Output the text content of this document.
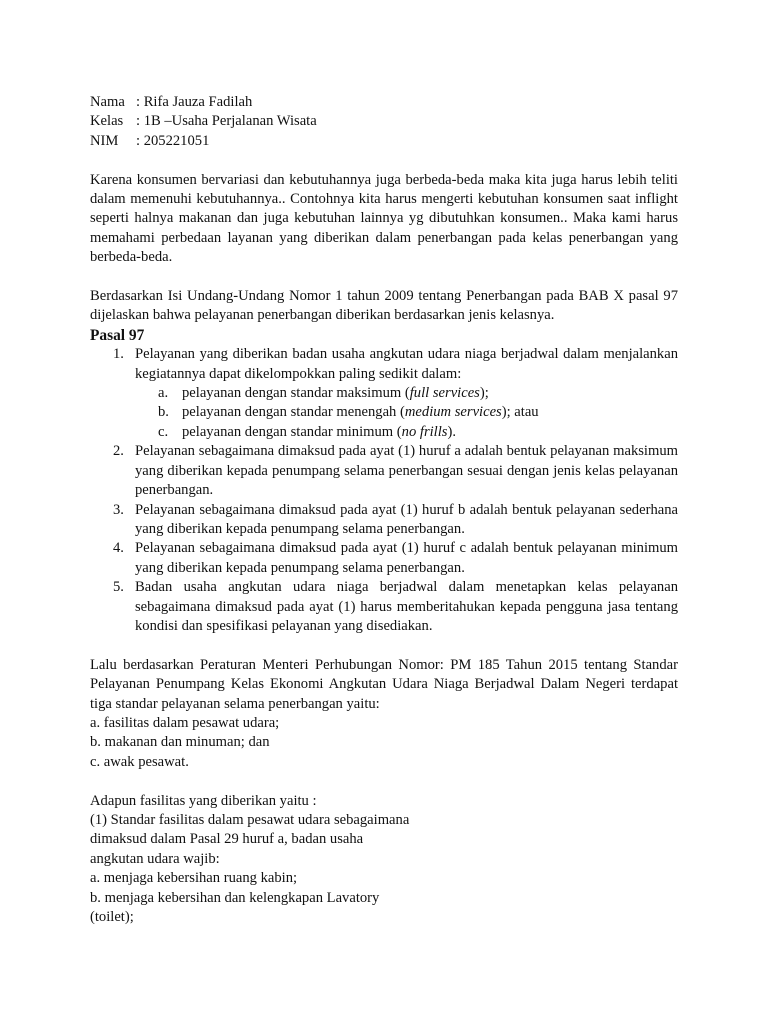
Nama : Rifa Jauza Fadilah
Kelas : 1B –Usaha Perjalanan Wisata
NIM	: 205221051

Karena konsumen bervariasi dan kebutuhannya juga berbeda-beda maka kita juga harus lebih teliti dalam memenuhi kebutuhannya.. Contohnya kita harus mengerti kebutuhan konsumen saat inflight seperti halnya makanan dan juga kebutuhan lainnya yg dibutuhkan konsumen.. Maka kami harus memahami perbedaan layanan yang diberikan dalam penerbangan pada kelas penerbangan yang berbeda-beda.

Berdasarkan Isi Undang-Undang Nomor 1 tahun 2009 tentang Penerbangan pada BAB X pasal 97 dijelaskan bahwa pelayanan penerbangan diberikan berdasarkan jenis kelasnya.

Pasal 97
1. Pelayanan yang diberikan badan usaha angkutan udara niaga berjadwal dalam menjalankan kegiatannya dapat dikelompokkan paling sedikit dalam:
a. pelayanan dengan standar maksimum (full services);
b. pelayanan dengan standar menengah (medium services); atau
c. pelayanan dengan standar minimum (no frills).
2. Pelayanan sebagaimana dimaksud pada ayat (1) huruf a adalah bentuk pelayanan maksimum yang diberikan kepada penumpang selama penerbangan sesuai dengan jenis kelas pelayanan penerbangan.
3. Pelayanan sebagaimana dimaksud pada ayat (1) huruf b adalah bentuk pelayanan sederhana yang diberikan kepada penumpang selama penerbangan.
4. Pelayanan sebagaimana dimaksud pada ayat (1) huruf c adalah bentuk pelayanan minimum yang diberikan kepada penumpang selama penerbangan.
5. Badan usaha angkutan udara niaga berjadwal dalam menetapkan kelas pelayanan sebagaimana dimaksud pada ayat (1) harus memberitahukan kepada pengguna jasa tentang kondisi dan spesifikasi pelayanan yang disediakan.

Lalu berdasarkan Peraturan Menteri Perhubungan Nomor: PM 185 Tahun 2015 tentang Standar Pelayanan Penumpang Kelas Ekonomi Angkutan Udara Niaga Berjadwal Dalam Negeri terdapat tiga standar pelayanan selama penerbangan yaitu:

a. fasilitas dalam pesawat udara;
b. makanan dan minuman; dan
c. awak pesawat.
Adapun fasilitas yang diberikan yaitu :
(1) Standar fasilitas dalam pesawat udara sebagaimana
dimaksud dalam Pasal 29 huruf a, badan usaha
angkutan udara wajib:
a. menjaga kebersihan ruang kabin;
b. menjaga kebersihan dan kelengkapan Lavatory
(toilet);
